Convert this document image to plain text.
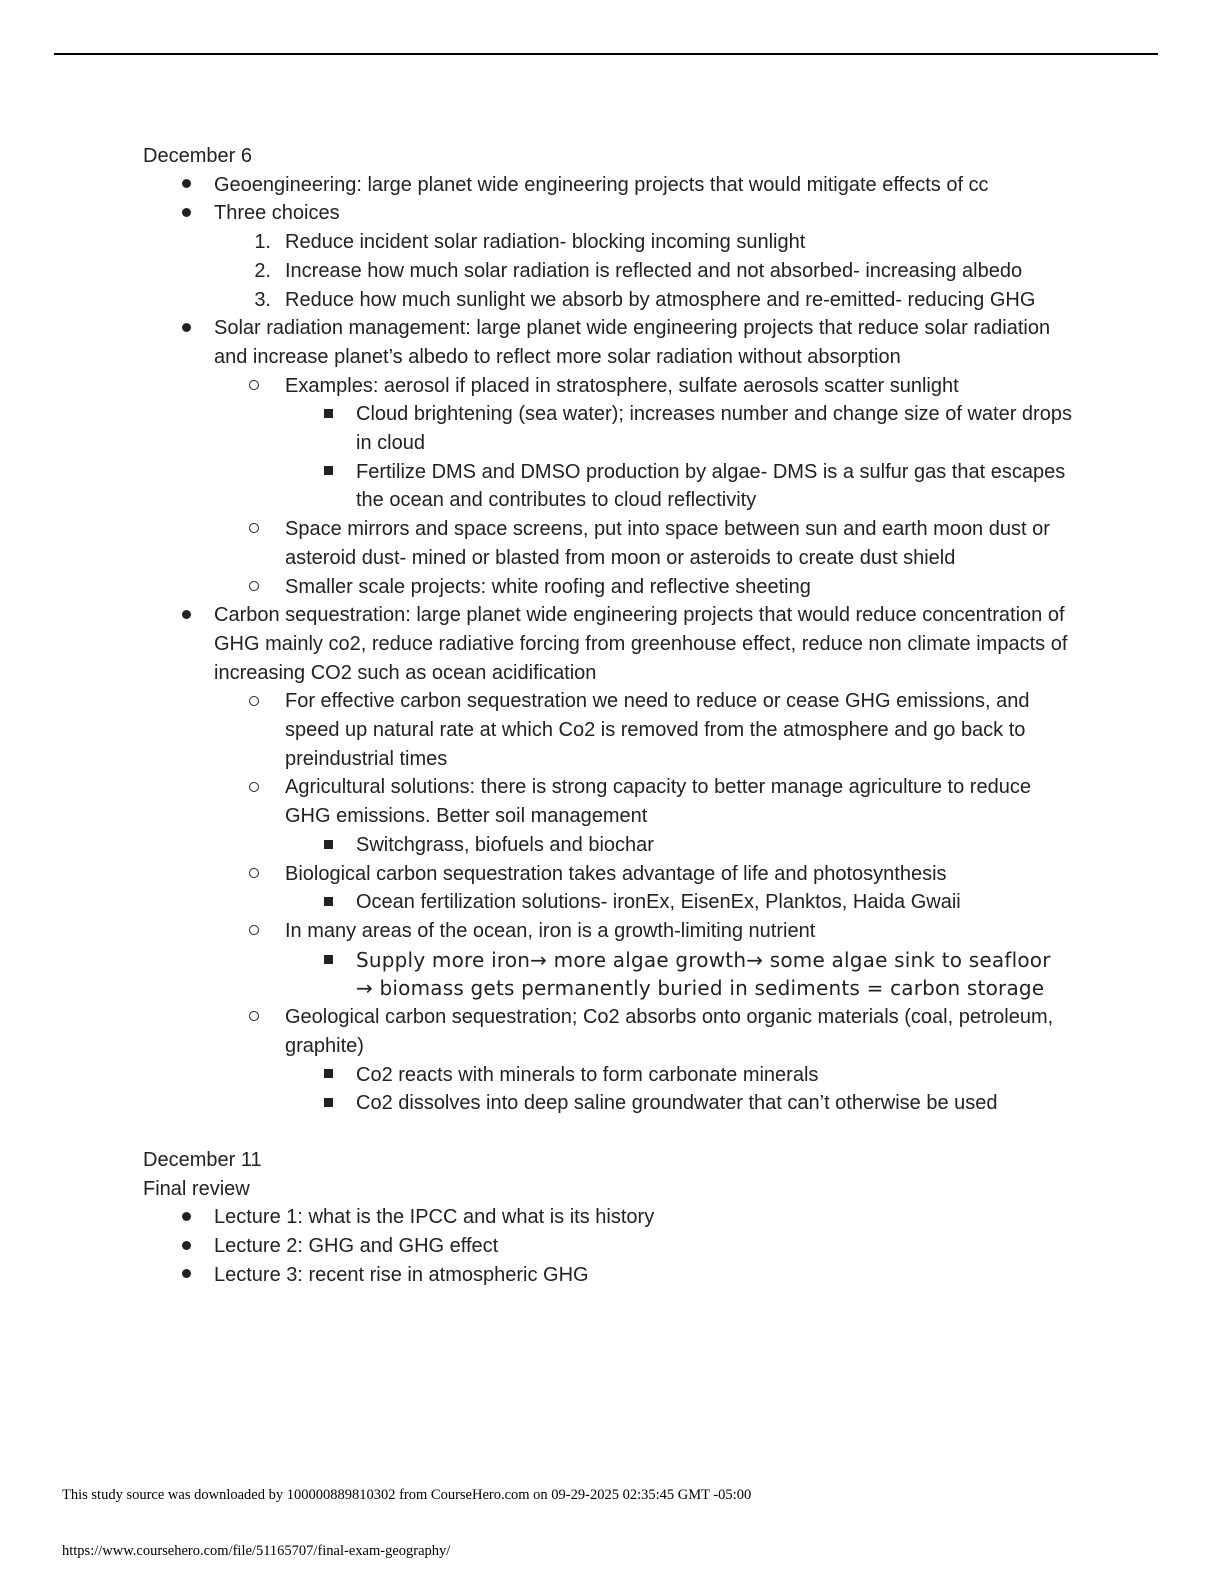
December 6

Geoengineering: large planet wide engineering projects that would mitigate effects of cc
Three choices
1. Reduce incident solar radiation- blocking incoming sunlight
2. Increase how much solar radiation is reflected and not absorbed- increasing albedo
3. Reduce how much sunlight we absorb by atmosphere and re-emitted- reducing GHG
Solar radiation management: large planet wide engineering projects that reduce solar radiation and increase planet’s albedo to reflect more solar radiation without absorption
Examples: aerosol if placed in stratosphere, sulfate aerosols scatter sunlight
Cloud brightening (sea water); increases number and change size of water drops in cloud
Fertilize DMS and DMSO production by algae- DMS is a sulfur gas that escapes the ocean and contributes to cloud reflectivity
Space mirrors and space screens, put into space between sun and earth moon dust or asteroid dust- mined or blasted from moon or asteroids to create dust shield
Smaller scale projects: white roofing and reflective sheeting
Carbon sequestration: large planet wide engineering projects that would reduce concentration of GHG mainly co2, reduce radiative forcing from greenhouse effect, reduce non climate impacts of increasing CO2 such as ocean acidification
For effective carbon sequestration we need to reduce or cease GHG emissions, and speed up natural rate at which Co2 is removed from the atmosphere and go back to preindustrial times
Agricultural solutions: there is strong capacity to better manage agriculture to reduce GHG emissions. Better soil management
Switchgrass, biofuels and biochar
Biological carbon sequestration takes advantage of life and photosynthesis
Ocean fertilization solutions- ironEx, EisenEx, Planktos, Haida Gwaii
In many areas of the ocean, iron is a growth-limiting nutrient
Supply more iron→ more algae growth→ some algae sink to seafloor → biomass gets permanently buried in sediments = carbon storage
Geological carbon sequestration; Co2 absorbs onto organic materials (coal, petroleum, graphite)
Co2 reacts with minerals to form carbonate minerals
Co2 dissolves into deep saline groundwater that can’t otherwise be used

December 11

Final review

Lecture 1: what is the IPCC and what is its history
Lecture 2: GHG and GHG effect
Lecture 3: recent rise in atmospheric GHG
This study source was downloaded by 100000889810302 from CourseHero.com on 09-29-2025 02:35:45 GMT -05:00
https://www.coursehero.com/file/51165707/final-exam-geography/
